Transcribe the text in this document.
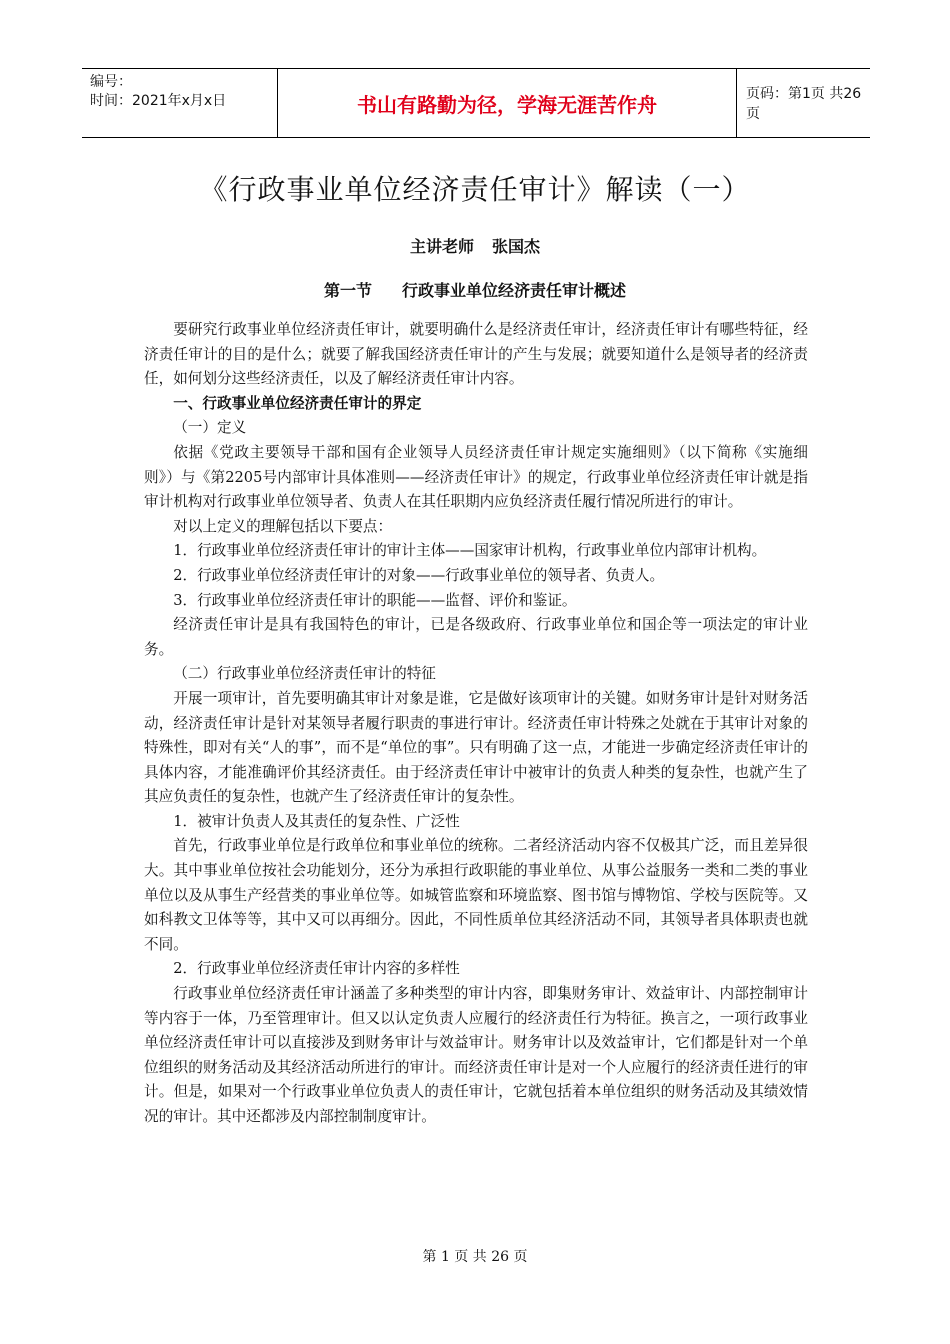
编号：
时间：2021年x月x日	书山有路勤为径，学海无涯苦作舟	页码：第1页 共26页
《行政事业单位经济责任审计》解读（一）
主讲老师 张国杰
第一节 行政事业单位经济责任审计概述

要研究行政事业单位经济责任审计，就要明确什么是经济责任审计，经济责任审计有哪些特征，经济责任审计的目的是什么；就要了解我国经济责任审计的产生与发展；就要知道什么是领导者的经济责任，如何划分这些经济责任，以及了解经济责任审计内容。

一、行政事业单位经济责任审计的界定

（一）定义

依据《党政主要领导干部和国有企业领导人员经济责任审计规定实施细则》（以下简称《实施细则》）与《第2205号内部审计具体准则——经济责任审计》的规定，行政事业单位经济责任审计就是指审计机构对行政事业单位领导者、负责人在其任职期内应负经济责任履行情况所进行的审计。

对以上定义的理解包括以下要点：

1．行政事业单位经济责任审计的审计主体——国家审计机构，行政事业单位内部审计机构。

2．行政事业单位经济责任审计的对象——行政事业单位的领导者、负责人。

3．行政事业单位经济责任审计的职能——监督、评价和鉴证。

经济责任审计是具有我国特色的审计，已是各级政府、行政事业单位和国企等一项法定的审计业务。

（二）行政事业单位经济责任审计的特征

开展一项审计，首先要明确其审计对象是谁，它是做好该项审计的关键。如财务审计是针对财务活动，经济责任审计是针对某领导者履行职责的事进行审计。经济责任审计特殊之处就在于其审计对象的特殊性，即对有关“人的事”，而不是“单位的事”。只有明确了这一点，才能进一步确定经济责任审计的具体内容，才能准确评价其经济责任。由于经济责任审计中被审计的负责人种类的复杂性，也就产生了其应负责任的复杂性，也就产生了经济责任审计的复杂性。

1．被审计负责人及其责任的复杂性、广泛性

首先，行政事业单位是行政单位和事业单位的统称。二者经济活动内容不仅极其广泛，而且差异很大。其中事业单位按社会功能划分，还分为承担行政职能的事业单位、从事公益服务一类和二类的事业单位以及从事生产经营类的事业单位等。如城管监察和环境监察、图书馆与博物馆、学校与医院等。又如科教文卫体等等，其中又可以再细分。因此，不同性质单位其经济活动不同，其领导者具体职责也就不同。

2．行政事业单位经济责任审计内容的多样性

行政事业单位经济责任审计涵盖了多种类型的审计内容，即集财务审计、效益审计、内部控制审计等内容于一体，乃至管理审计。但又以认定负责人应履行的经济责任行为特征。换言之，一项行政事业单位经济责任审计可以直接涉及到财务审计与效益审计。财务审计以及效益审计，它们都是针对一个单位组织的财务活动及其经济活动所进行的审计。而经济责任审计是对一个人应履行的经济责任进行的审计。但是，如果对一个行政事业单位负责人的责任审计，它就包括着本单位组织的财务活动及其绩效情况的审计。其中还都涉及内部控制制度审计。

第 1 页 共 26 页
